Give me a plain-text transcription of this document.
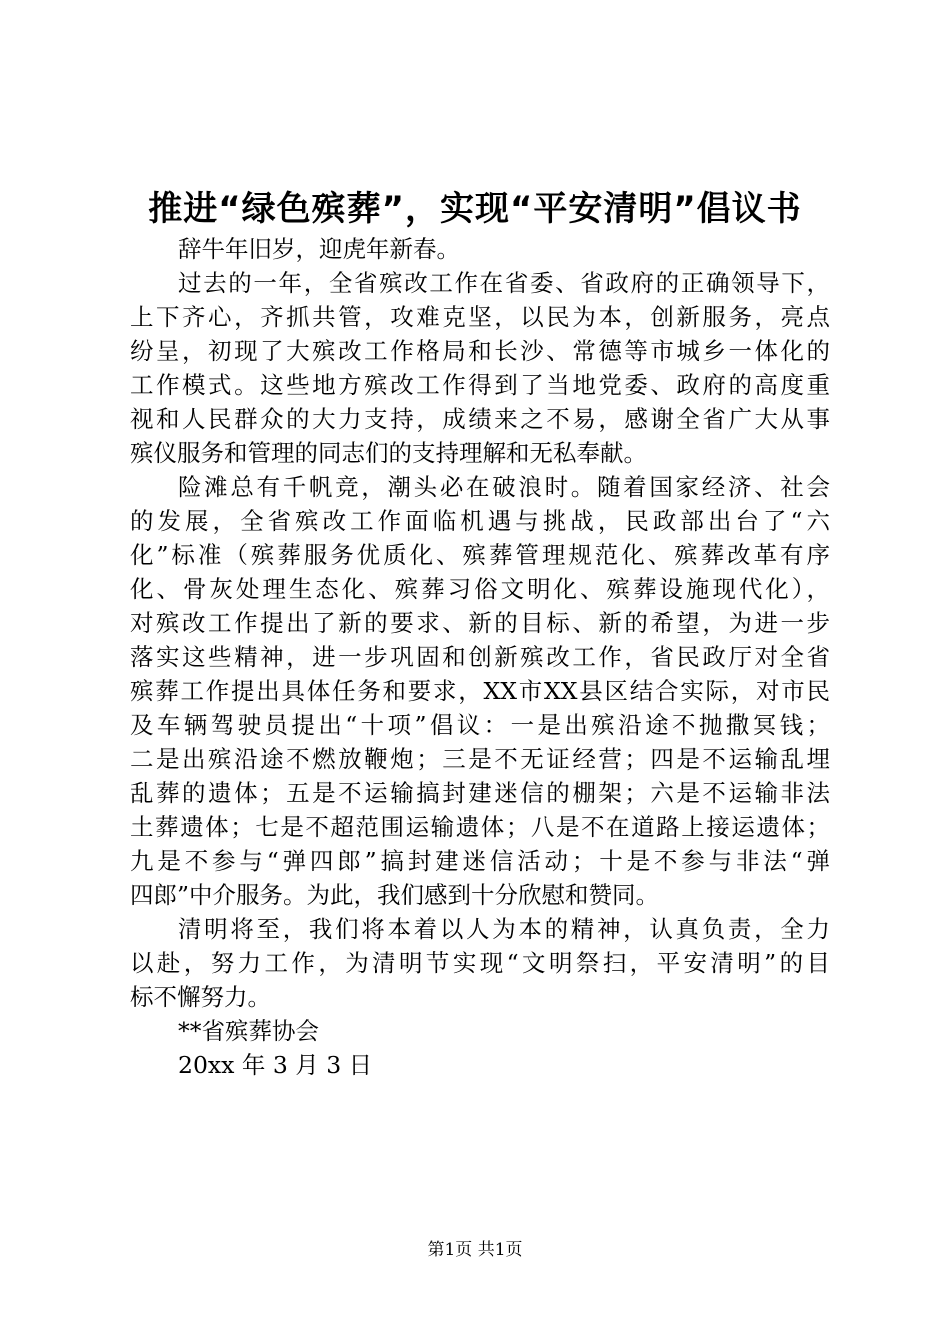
推进“绿色殡葬”，实现“平安清明”倡议书
辞牛年旧岁，迎虎年新春。
过去的一年，全省殡改工作在省委、省政府的正确领导下，
上下齐心，齐抓共管，攻难克坚，以民为本，创新服务，亮点
纷呈，初现了大殡改工作格局和长沙、常德等市城乡一体化的
工作模式。这些地方殡改工作得到了当地党委、政府的高度重
视和人民群众的大力支持，成绩来之不易，感谢全省广大从事
殡仪服务和管理的同志们的支持理解和无私奉献。
险滩总有千帆竞，潮头必在破浪时。随着国家经济、社会
的发展，全省殡改工作面临机遇与挑战，民政部出台了“六
化”标准（殡葬服务优质化、殡葬管理规范化、殡葬改革有序
化、骨灰处理生态化、殡葬习俗文明化、殡葬设施现代化），
对殡改工作提出了新的要求、新的目标、新的希望，为进一步
落实这些精神，进一步巩固和创新殡改工作，省民政厅对全省
殡葬工作提出具体任务和要求，XX市XX县区结合实际，对市民
及车辆驾驶员提出“十项”倡议：一是出殡沿途不抛撒冥钱；
二是出殡沿途不燃放鞭炮；三是不无证经营；四是不运输乱埋
乱葬的遗体；五是不运输搞封建迷信的棚架；六是不运输非法
土葬遗体；七是不超范围运输遗体；八是不在道路上接运遗体；
九是不参与“弹四郎”搞封建迷信活动；十是不参与非法“弹
四郎”中介服务。为此，我们感到十分欣慰和赞同。
清明将至，我们将本着以人为本的精神，认真负责，全力
以赴，努力工作，为清明节实现“文明祭扫，平安清明”的目
标不懈努力。
**省殡葬协会
20xx 年 3 月 3 日
第1页 共1页
